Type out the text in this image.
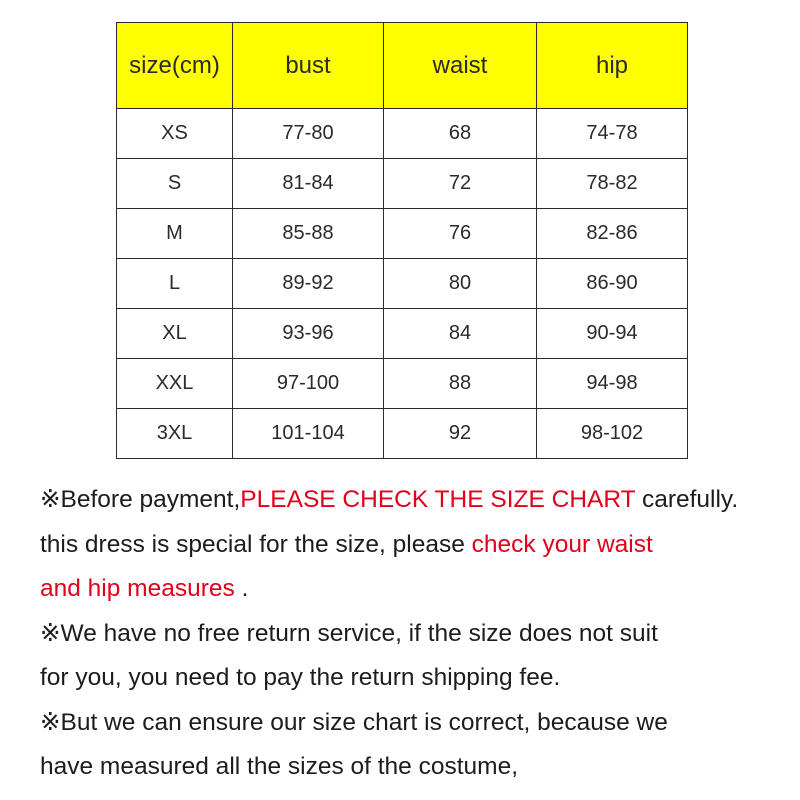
size(cm)	bust	waist	hip
XS	77-80	68	74-78
S	81-84	72	78-82
M	85-88	76	82-86
L	89-92	80	86-90
XL	93-96	84	90-94
XXL	97-100	88	94-98
3XL	101-104	92	98-102
※Before payment,PLEASE CHECK THE SIZE CHART carefully.
this dress is special for the size, please check your waist
and hip measures .
※We have no free return service, if the size does not suit
for you, you need to pay the return shipping fee.
※But we can ensure our size chart is correct, because we
have measured all the sizes of the costume,
